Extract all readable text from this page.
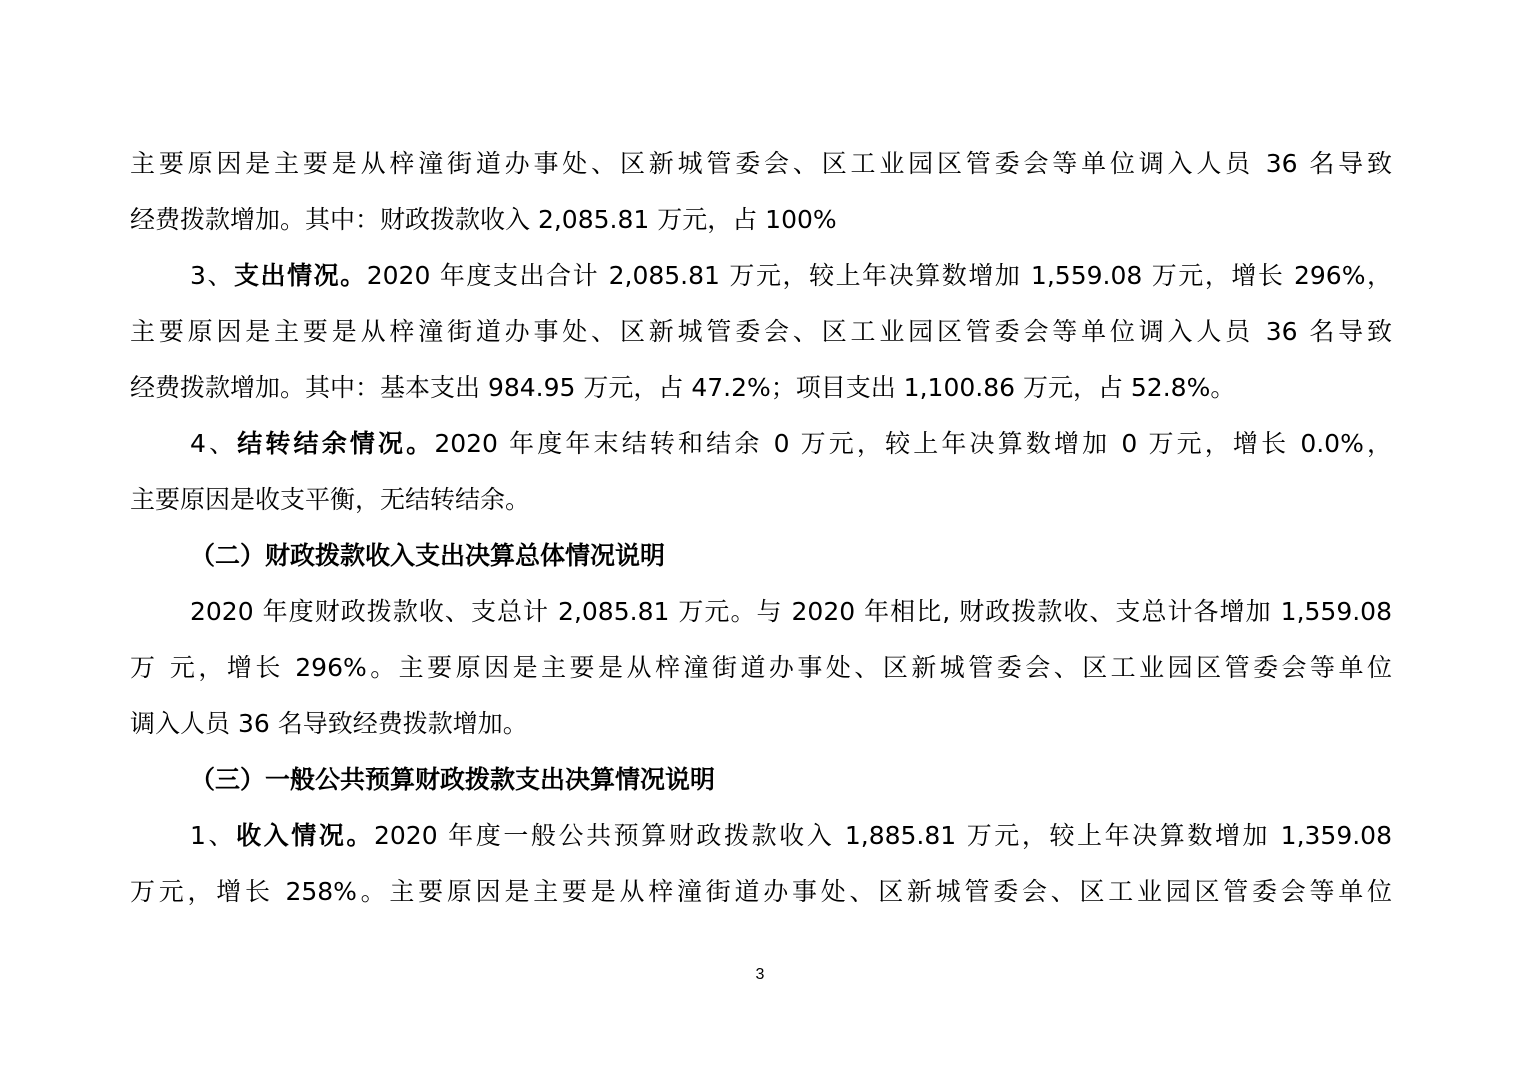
主要原因是主要是从梓潼街道办事处、区新城管委会、区工业园区管委会等单位调入人员 36 名导致
经费拨款增加。其中：财政拨款收入 2,085.81 万元，占 100%
3、支出情况。2020 年度支出合计 2,085.81 万元，较上年决算数增加 1,559.08 万元，增长 296%，
主要原因是主要是从梓潼街道办事处、区新城管委会、区工业园区管委会等单位调入人员 36 名导致
经费拨款增加。其中：基本支出 984.95 万元，占 47.2%；项目支出 1,100.86 万元，占 52.8%。
4、结转结余情况。2020 年度年末结转和结余 0 万元，较上年决算数增加 0 万元，增长 0.0%，
主要原因是收支平衡，无结转结余。
（二）财政拨款收入支出决算总体情况说明
2020 年度财政拨款收、支总计 2,085.81 万元。与 2020 年相比, 财政拨款收、支总计各增加 1,559.08
万 元，增长 296%。主要原因是主要是从梓潼街道办事处、区新城管委会、区工业园区管委会等单位
调入人员 36 名导致经费拨款增加。
（三）一般公共预算财政拨款支出决算情况说明
1、收入情况。2020 年度一般公共预算财政拨款收入 1,885.81 万元，较上年决算数增加 1,359.08
万元，增长 258%。主要原因是主要是从梓潼街道办事处、区新城管委会、区工业园区管委会等单位
3
